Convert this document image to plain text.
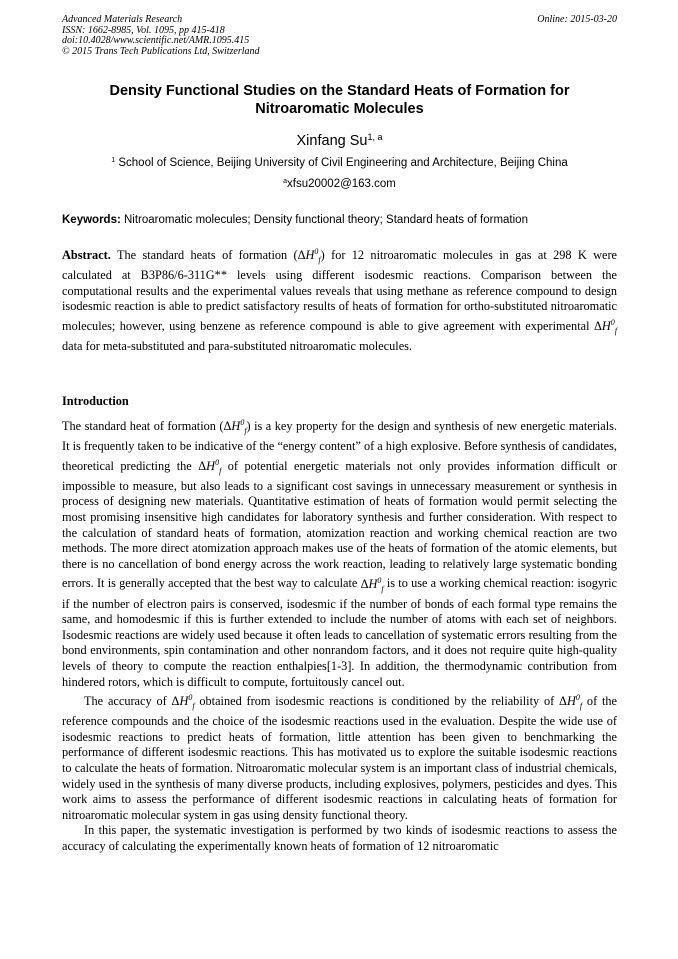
Advanced Materials Research
ISSN: 1662-8985, Vol. 1095, pp 415-418
doi:10.4028/www.scientific.net/AMR.1095.415
© 2015 Trans Tech Publications Ltd, Switzerland
Online: 2015-03-20
Density Functional Studies on the Standard Heats of Formation for Nitroaromatic Molecules
Xinfang Su$^{1, a}$
$^1$ School of Science, Beijing University of Civil Engineering and Architecture, Beijing China
$^a$xfsu20002@163.com
Keywords: Nitroaromatic molecules; Density functional theory; Standard heats of formation

Abstract. The standard heats of formation $(\Delta H^0_f)$ for 12 nitroaromatic molecules in gas at 298 K were calculated at B3P86/6-311G** levels using different isodesmic reactions. Comparison between the computational results and the experimental values reveals that using methane as reference compound to design isodesmic reaction is able to predict satisfactory results of heats of formation for ortho-substituted nitroaromatic molecules; however, using benzene as reference compound is able to give agreement with experimental $\Delta H^0_f$ data for meta-substituted and para-substituted nitroaromatic molecules.

Introduction

The standard heat of formation $(\Delta H^0_f)$ is a key property for the design and synthesis of new energetic materials. It is frequently taken to be indicative of the “energy content” of a high explosive. Before synthesis of candidates, theoretical predicting the $\Delta H^0_f$ of potential energetic materials not only provides information difficult or impossible to measure, but also leads to a significant cost savings in unnecessary measurement or synthesis in process of designing new materials. Quantitative estimation of heats of formation would permit selecting the most promising insensitive high candidates for laboratory synthesis and further consideration. With respect to the calculation of standard heats of formation, atomization reaction and working chemical reaction are two methods. The more direct atomization approach makes use of the heats of formation of the atomic elements, but there is no cancellation of bond energy across the work reaction, leading to relatively large systematic bonding errors. It is generally accepted that the best way to calculate $\Delta H^0_f$ is to use a working chemical reaction: isogyric if the number of electron pairs is conserved, isodesmic if the number of bonds of each formal type remains the same, and homodesmic if this is further extended to include the number of atoms with each set of neighbors. Isodesmic reactions are widely used because it often leads to cancellation of systematic errors resulting from the bond environments, spin contamination and other nonrandom factors, and it does not require quite high-quality levels of theory to compute the reaction enthalpies[1-3]. In addition, the thermodynamic contribution from hindered rotors, which is difficult to compute, fortuitously cancel out.

The accuracy of $\Delta H^0_f$ obtained from isodesmic reactions is conditioned by the reliability of $\Delta H^0_f$ of the reference compounds and the choice of the isodesmic reactions used in the evaluation. Despite the wide use of isodesmic reactions to predict heats of formation, little attention has been given to benchmarking the performance of different isodesmic reactions. This has motivated us to explore the suitable isodesmic reactions to calculate the heats of formation. Nitroaromatic molecular system is an important class of industrial chemicals, widely used in the synthesis of many diverse products, including explosives, polymers, pesticides and dyes. This work aims to assess the performance of different isodesmic reactions in calculating heats of formation for nitroaromatic molecular system in gas using density functional theory.

In this paper, the systematic investigation is performed by two kinds of isodesmic reactions to assess the accuracy of calculating the experimentally known heats of formation of 12 nitroaromatic
